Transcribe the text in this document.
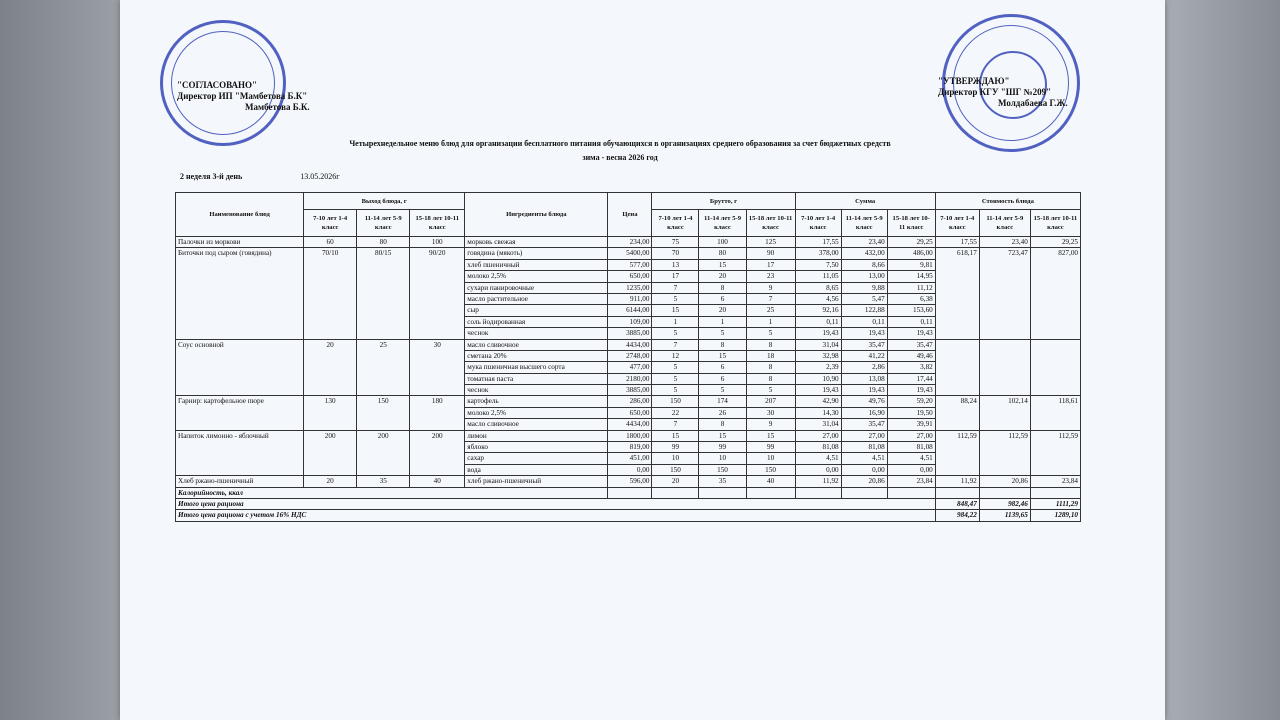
"СОГЛАСОВАНО"
Директор ИП "Мамбетова Б.К"
Мамбетова Б.К.
"УТВЕРЖДАЮ"
Директор КГУ "ШГ №209"
Молдабаева Г.Ж.
Четырехнедельное меню блюд для организации бесплатного питания обучающихся в организациях среднего образования за счет бюджетных средств
зима - весна 2026 год
2 неделя 3-й день	13.05.2026г
Наименование блюд	Выход блюда, г			Ингредиенты блюда	Цена	Брутто, г			Сумма			Стоимость блюда		
	7-10 лет 1-4 класс	11-14 лет 5-9 класс	15-18 лет 10-11 класс			7-10 лет 1-4 класс	11-14 лет 5-9 класс	15-18 лет 10-11 класс	7-10 лет 1-4 класс	11-14 лет 5-9 класс	15-18 лет 10-11 класс	7-10 лет 1-4 класс	11-14 лет 5-9 класс	15-18 лет 10-11 класс
Палочки из моркови	60	80	100	морковь свежая	234,00	75	100	125	17,55	23,40	29,25	17,55	23,40	29,25
Биточки под сыром (говядина)	70/10	80/15	90/20	говядина (мякоть)	5400,00	70	80	90	378,00	432,00	486,00	618,17	723,47	827,00
				хлеб пшеничный	577,00	13	15	17	7,50	8,66	9,81			
				молоко 2,5%	650,00	17	20	23	11,05	13,00	14,95			
				сухари панировочные	1235,00	7	8	9	8,65	9,88	11,12			
				масло растительное	911,00	5	6	7	4,56	5,47	6,38			
				сыр	6144,00	15	20	25	92,16	122,88	153,60			
				соль йодированная	109,00	1	1	1	0,11	0,11	0,11			
				чеснок	3885,00	5	5	5	19,43	19,43	19,43			
Соус основной	20	25	30	масло сливочное	4434,00	7	8	8	31,04	35,47	35,47			
				сметана 20%	2748,00	12	15	18	32,98	41,22	49,46			
				мука пшеничная высшего сорта	477,00	5	6	8	2,39	2,86	3,82			
				томатная паста	2180,00	5	6	8	10,90	13,08	17,44			
				чеснок	3885,00	5	5	5	19,43	19,43	19,43			
Гарнир: картофельное пюре	130	150	180	картофель	286,00	150	174	207	42,90	49,76	59,20	88,24	102,14	118,61
				молоко 2,5%	650,00	22	26	30	14,30	16,90	19,50			
				масло сливочное	4434,00	7	8	9	31,04	35,47	39,91			
Напиток лимонно - яблочный	200	200	200	лимон	1800,00	15	15	15	27,00	27,00	27,00	112,59	112,59	112,59
				яблоко	819,00	99	99	99	81,08	81,08	81,08			
				сахар	451,00	10	10	10	4,51	4,51	4,51			
				вода	0,00	150	150	150	0,00	0,00	0,00			
Хлеб ржано-пшеничный	20	35	40	хлеб ржано-пшеничный	596,00	20	35	40	11,92	20,86	23,84	11,92	20,86	23,84
Калорийность, ккал														
Итого цена рациона												848,47	982,46	1111,29
Итого цена рациона с учетом 16% НДС												984,22	1139,65	1289,10
